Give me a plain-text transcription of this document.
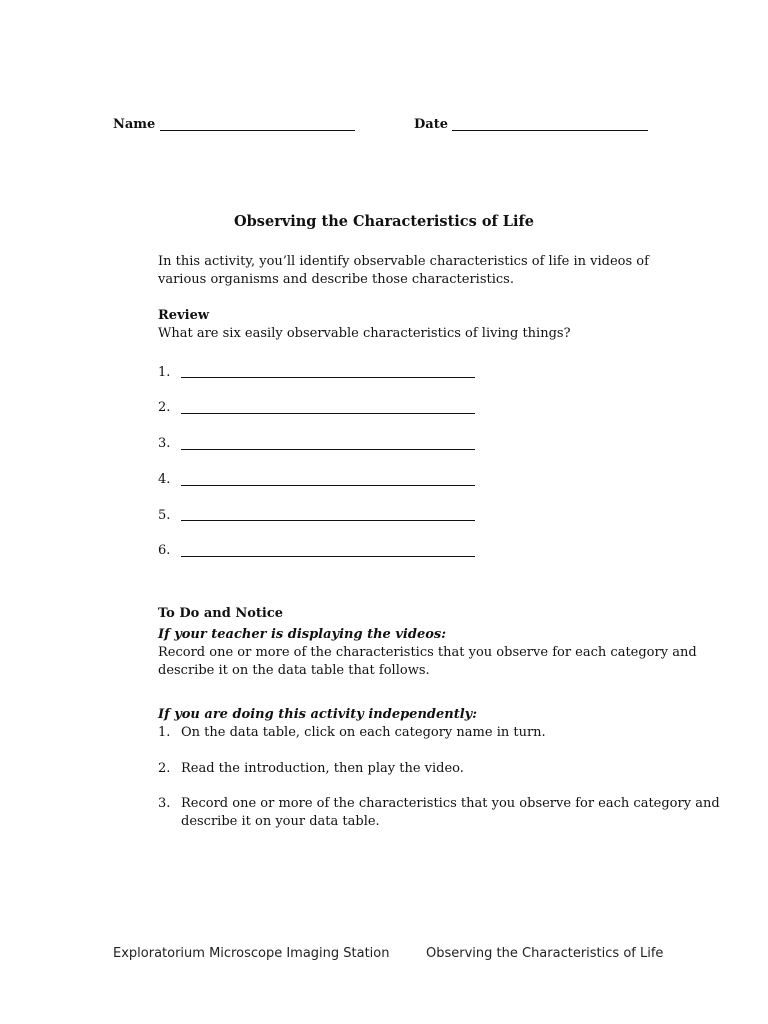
Name	Date
Observing the Characteristics of Life
In this activity, you’ll identify observable characteristics of life in videos of
various organisms and describe those characteristics.
Review
What are six easily observable characteristics of living things?
1.
2.
3.
4.
5.
6.
To Do and Notice
If your teacher is displaying the videos:
Record one or more of the characteristics that you observe for each category and
describe it on the data table that follows.
If you are doing this activity independently:
1. On the data table, click on each category name in turn.
2. Read the introduction, then play the video.
3. Record one or more of the characteristics that you observe for each category and
describe it on your data table.
Exploratorium Microscope Imaging Station	Observing the Characteristics of Life
